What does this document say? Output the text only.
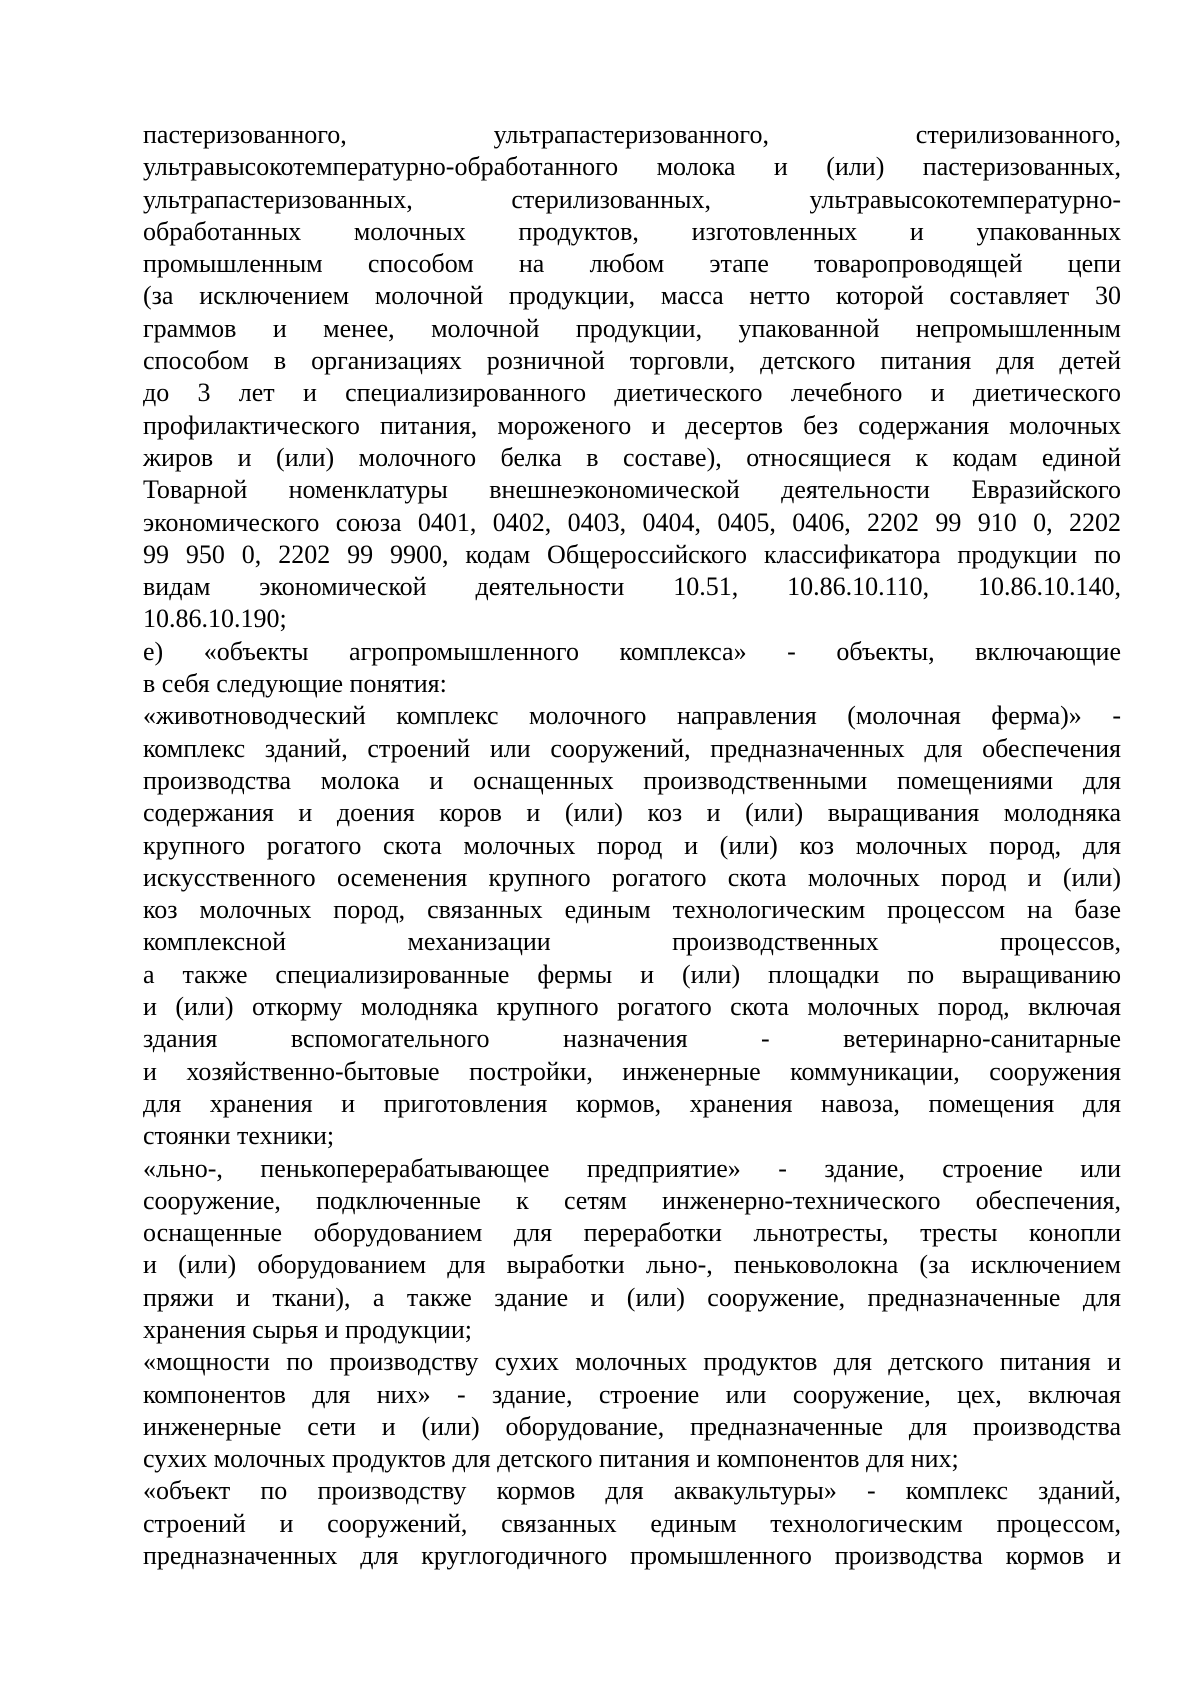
пастеризованного, ультрапастеризованного, стерилизованного,
ультравысокотемпературно-обработанного молока и (или) пастеризованных,
ультрапастеризованных, стерилизованных, ультравысокотемпературно-
обработанных молочных продуктов, изготовленных и упакованных
промышленным способом на любом этапе товаропроводящей цепи
(за исключением молочной продукции, масса нетто которой составляет 30
граммов и менее, молочной продукции, упакованной непромышленным
способом в организациях розничной торговли, детского питания для детей
до 3 лет и специализированного диетического лечебного и диетического
профилактического питания, мороженого и десертов без содержания молочных
жиров и (или) молочного белка в составе), относящиеся к кодам единой
Товарной номенклатуры внешнеэкономической деятельности Евразийского
экономического союза 0401, 0402, 0403, 0404, 0405, 0406, 2202 99 910 0, 2202
99 950 0, 2202 99 9900, кодам Общероссийского классификатора продукции по
видам экономической деятельности 10.51, 10.86.10.110, 10.86.10.140,
10.86.10.190;
е) «объекты агропромышленного комплекса» - объекты, включающие
в себя следующие понятия:
«животноводческий комплекс молочного направления (молочная ферма)» -
комплекс зданий, строений или сооружений, предназначенных для обеспечения
производства молока и оснащенных производственными помещениями для
содержания и доения коров и (или) коз и (или) выращивания молодняка
крупного рогатого скота молочных пород и (или) коз молочных пород, для
искусственного осеменения крупного рогатого скота молочных пород и (или)
коз молочных пород, связанных единым технологическим процессом на базе
комплексной механизации производственных процессов,
а также специализированные фермы и (или) площадки по выращиванию
и (или) откорму молодняка крупного рогатого скота молочных пород, включая
здания вспомогательного назначения - ветеринарно-санитарные
и хозяйственно-бытовые постройки, инженерные коммуникации, сооружения
для хранения и приготовления кормов, хранения навоза, помещения для
стоянки техники;
«льно-, пенькоперерабатывающее предприятие» - здание, строение или
сооружение, подключенные к сетям инженерно-технического обеспечения,
оснащенные оборудованием для переработки льнотресты, тресты конопли
и (или) оборудованием для выработки льно-, пеньковолокна (за исключением
пряжи и ткани), а также здание и (или) сооружение, предназначенные для
хранения сырья и продукции;
«мощности по производству сухих молочных продуктов для детского питания и
компонентов для них» - здание, строение или сооружение, цех, включая
инженерные сети и (или) оборудование, предназначенные для производства
сухих молочных продуктов для детского питания и компонентов для них;
«объект по производству кормов для аквакультуры» - комплекс зданий,
строений и сооружений, связанных единым технологическим процессом,
предназначенных для круглогодичного промышленного производства кормов и
